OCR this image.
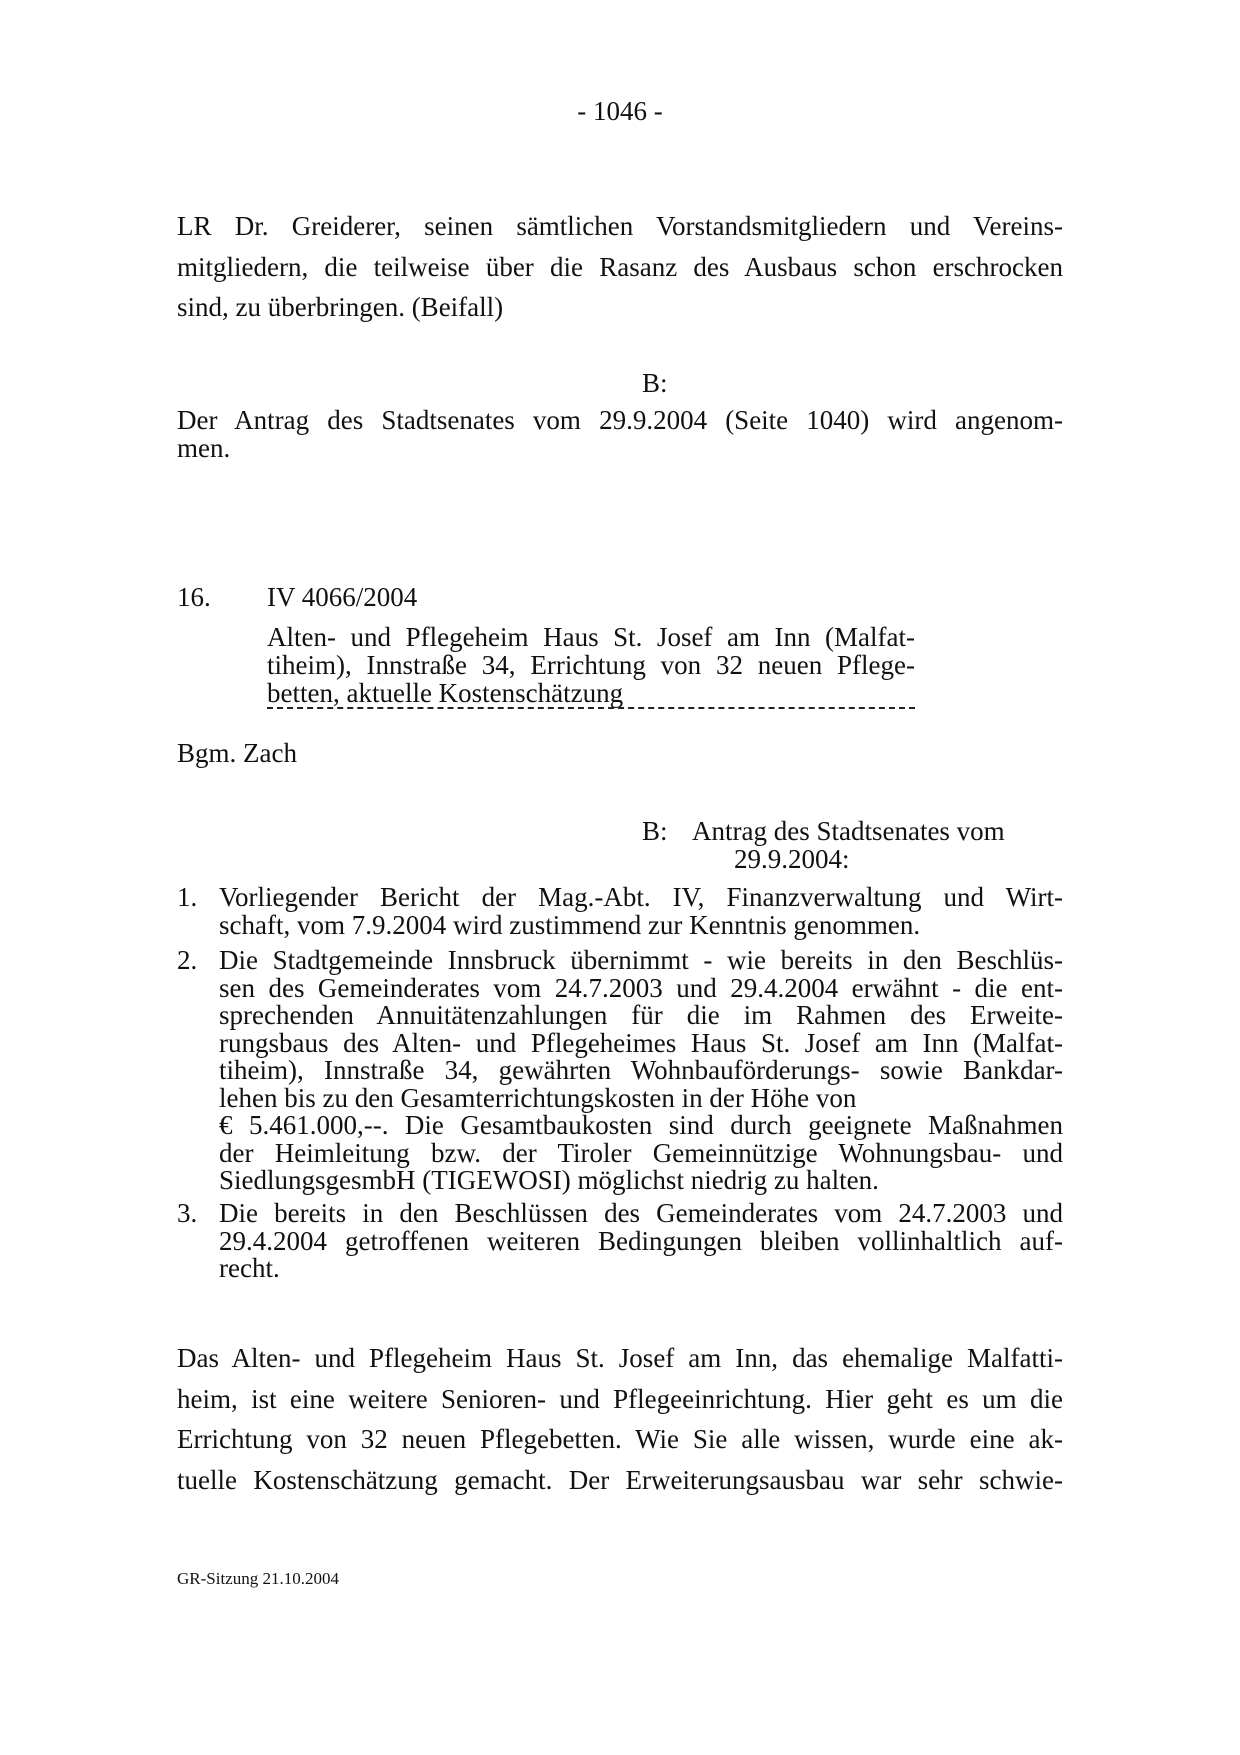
- 1046 -

LR Dr. Greiderer, seinen sämtlichen Vorstandsmitgliedern und Vereins-

mitgliedern, die teilweise über die Rasanz des Ausbaus schon erschrocken

sind, zu überbringen. (Beifall)

B:

Der Antrag des Stadtsenates vom 29.9.2004 (Seite 1040) wird angenom-

men.

16. IV 4066/2004
Alten- und Pflegeheim Haus St. Josef am Inn (Malfat-
tiheim), Innstraße 34, Errichtung von 32 neuen Pflege-
betten, aktuelle Kostenschätzung
Bgm. Zach
B: Antrag des Stadtsenates vom
29.9.2004:
1. Vorliegender Bericht der Mag.-Abt. IV, Finanzverwaltung und Wirt-
schaft, vom 7.9.2004 wird zustimmend zur Kenntnis genommen.
2. Die Stadtgemeinde Innsbruck übernimmt - wie bereits in den Beschlüs-
sen des Gemeinderates vom 24.7.2003 und 29.4.2004 erwähnt - die ent-
sprechenden Annuitätenzahlungen für die im Rahmen des Erweite-
rungsbaus des Alten- und Pflegeheimes Haus St. Josef am Inn (Malfat-
tiheim), Innstraße 34, gewährten Wohnbauförderungs- sowie Bankdar-
lehen bis zu den Gesamterrichtungskosten in der Höhe von
€ 5.461.000,--. Die Gesamtbaukosten sind durch geeignete Maßnahmen
der Heimleitung bzw. der Tiroler Gemeinnützige Wohnungsbau- und
SiedlungsgesmbH (TIGEWOSI) möglichst niedrig zu halten.
3. Die bereits in den Beschlüssen des Gemeinderates vom 24.7.2003 und
29.4.2004 getroffenen weiteren Bedingungen bleiben vollinhaltlich auf-
recht.

Das Alten- und Pflegeheim Haus St. Josef am Inn, das ehemalige Malfatti-

heim, ist eine weitere Senioren- und Pflegeeinrichtung. Hier geht es um die

Errichtung von 32 neuen Pflegebetten. Wie Sie alle wissen, wurde eine ak-

tuelle Kostenschätzung gemacht. Der Erweiterungsausbau war sehr schwie-

GR-Sitzung 21.10.2004
